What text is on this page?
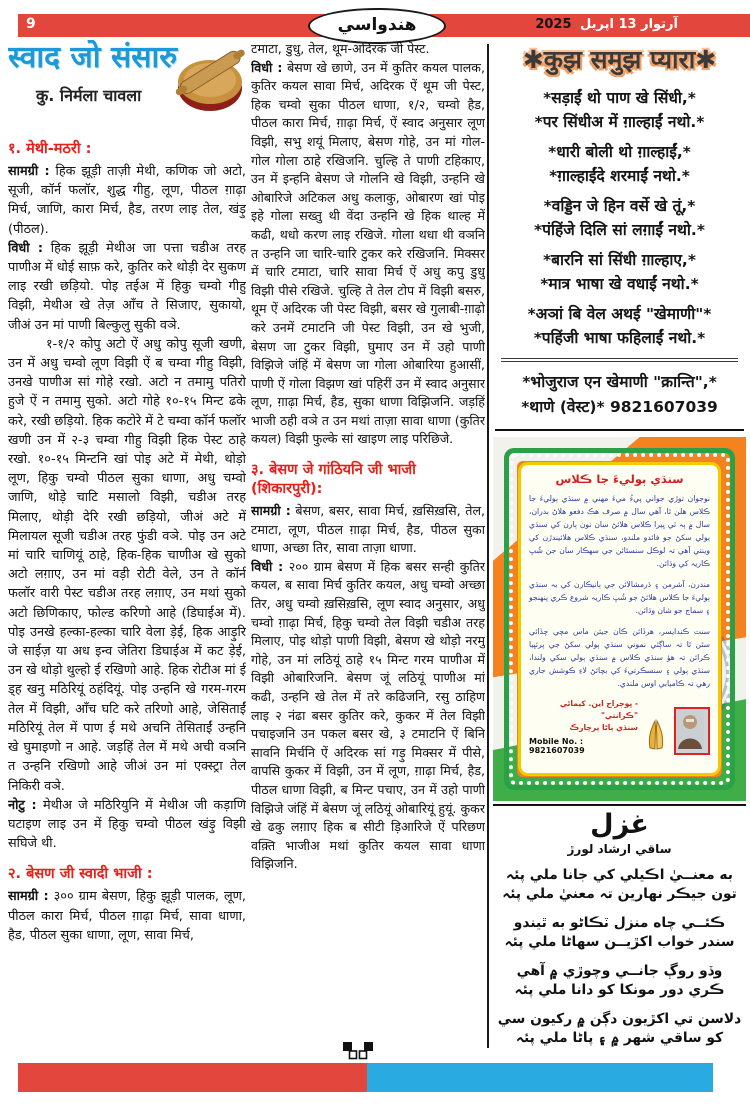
9	هندواسي	آرتوار 13 اپريل 2025
स्वाद जो संसारु
कु. निर्मला चावला
१. मेथी-मठरी :

सामग्री : हिक झूड़ी ताज़ी मेथी, कणिक जो अटो, सूजी, कॉर्न फलॉर, शुद्ध गीहु, लूण, पीठल ग़ाढ़ा मिर्च, जाणि, कारा मिर्च, हैड, तरण लाइ तेल, खंड़ु (पीठल).

विधी : हिक झूड़ी मेथीअ जा पत्ता चडीअ तरह पाणीअ में धोई साफ़ करे, कुतिर करे थोड़ी देर सुकण लाइ रखी छड़ियो. पोइ तईअ में हिकु चम्वो गीहु विझी, मेथीअ खे तेज़ आँच ते सिजाए, सुकायो, जीअं उन मां पाणी बिल्कुलु सुकी वञे.

१-१/२ कोपु अटो ऐं अधु कोपु सूजी खणी, उन में अधु चम्वो लूण विझी ऐं ब चम्वा गीहु विझी, उनखे पाणीअ सां गोहे रखो. अटो न तमामु पतिरो हुजे ऐं न तमामु सुको. अटो गोहे १०-१५ मिन्ट ढके करे, रखी छड़ियो. हिक कटोरे में टे चम्वा कॉर्न फलॉर खणी उन में २-३ चम्वा गीहु विझी हिक पेस्ट ठाहे रखो. १०-१५ मिन्टनि खां पोइ अटे में मेथी, थोड़ो लूण, हिकु चम्वो पीठल सुका धाणा, अधु चम्वो जाणि, थोड़े चाटि मसालो विझी, चडीअ तरह मिलाए, थोड़ी देरि रखी छड़ियो, जीअं अटे में मिलायल सूजी चडीअ तरह फुंडी वञे. पोइ उन अटे मां चारि चाणियूं ठाहे, हिक-हिक चाणीअ खे सुको अटो लग़ाए, उन मां वड़ी रोटी वेले, उन ते कॉर्न फलॉर वारी पेस्ट चडीअ तरह लग़ाए, उन मथां सुको अटो छिणिकाए, फोल्ड करिणो आहे (डिघाईअ में). पोइ उनखे हल्का-हल्का चारि वेला ड़ेई, हिक आड़ुरि जे साईज़ या अध इन्व जेतिरा डिघाईअ में कट ड़ेई, उन खे थोड़ो थुल्हो ई रखिणो आहे. हिक रोटीअ मां ई ड्ह खनु मठिरियूं ठहंदियूं. पोइ उन्हनि खे गरम-गरम तेल में विझी, आँच घटि करे तरिणो आहे, जेसिताईं मठिरियूं तेल में पाण ई मथे अचनि तेसिताईं उन्हनि खे घुमाइणो न आहे. जड़हिं तेल में मथे अची वञनि त उन्हनि रखिणो आहे जीअं उन मां एक्स्ट्रा तेल निकिरी वञे.

नोटु : मेथीअ जे मठिरियुनि में मेथीअ जी कड़ाणि घटाइण लाइ उन में हिकु चम्वो पीठल खंड़ु विझी सघिजे थी.

२. बेसण जी स्वादी भाजी :

सामग्री : ३०० ग्राम बेसण, हिकु झूड़ी पालक, लूण, पीठल कारा मिर्च, पीठल ग़ाढ़ा मिर्च, सावा धाणा, हैड, पीठल सुका धाणा, लूण, सावा मिर्च,

टमाटा, डुधु, तेल, थूम-अदिरक जी पेस्ट.

विधी : बेसण खे छाणे, उन में कुतिर कयल पालक, कुतिर कयल सावा मिर्च, अदिरक ऐं थूम जी पेस्ट, हिक चम्वो सुका पीठल धाणा, १/२, चम्वो हैड, पीठल कारा मिर्च, ग़ाढ़ा मिर्च, ऐं स्वाद अनुसार लूण विझी, सभु शयूं मिलाए, बेसण गोहे, उन मां गोल-गोल गोला ठाहे रखिजनि. चुल्हि ते पाणी टहिकाए, उन में इन्हनि बेसण जे गोलनि खे विझी, उन्हनि खे ओबारिजे अटिकल अधु कलाकु, ओबारण खां पोइ इहे गोला सख्तु थी वेंदा उन्हनि खे हिक थाल्ह में कढी, थधो करण लाइ रखिजे. गोला थधा थी वञनि त उन्हनि जा चारि-चारि टुकर करे रखिजनि. मिक्सर में चारि टमाटा, चारि सावा मिर्च ऐं अधु कपु डुधु विझी पीसे रखिजे. चुल्हि ते तेल टोप में विझी बसरु, थूम ऐं अदिरक जी पेस्ट विझी, बसर खे गुलाबी-ग़ाढ़ो करे उनमें टमाटनि जी पेस्ट विझी, उन खे भुजी, बेसण जा टुकर विझी, घुमाए उन में उहो पाणी विझिजे जंहिं में बेसण जा गोला ओबारिया हुआसीं, पाणी ऐं गोला विझण खां पहिरीं उन में स्वाद अनुसार लूण, ग़ाढ़ा मिर्च, हैड, सुका धाणा विझिजनि. जड़हिं भाजी ठही वञे त उन मथां ताज़ा सावा धाणा (कुतिर कयल) विझी फुल्के सां खाइण लाइ परिछिजे.

३. बेसण जे गांठियनि जी भाजी (शिकारपुरी):

सामग्री : बेसण, बसर, सावा मिर्च, ख़सिख़सि, तेल, टमाटा, लूण, पीठल ग़ाढ़ा मिर्च, हैड, पीठल सुका धाणा, अच्छा तिर, सावा ताज़ा धाणा.

विधी : २०० ग्राम बेसण में हिक बसर सन्ही कुतिर कयल, ब सावा मिर्च कुतिर कयल, अधु चम्वो अच्छा तिर, अधु चम्वो ख़सिख़सि, लूण स्वाद अनुसार, अधु चम्वो ग़ाढ़ा मिर्च, हिकु चम्वो तेल विझी चडीअ तरह मिलाए, पोइ थोड़ो पाणी विझी, बेसण खे थोड़ो नरमु गोहे, उन मां लठियूं ठाहे १५ मिन्ट गरम पाणीअ में विझी ओबारिजनि. बेसण जूं लठियूं पाणीअ मां कढी, उन्हनि खे तेल में तरे कढिजनि, रसु ठाहिण लाइ २ नंढा बसर कुतिर करे, कुकर में तेल विझी पचाइजनि उन पकल बसर खे, ३ टमाटनि ऐं बिनि सावनि मिर्चनि ऐं अदिरक सां गड़ु मिक्सर में पीसे, वापसि कुकर में विझी, उन में लूण, ग़ाढ़ा मिर्च, हैड, पीठल धाणा विझी, ब मिन्ट पचाए, उन में उहो पाणी विझिजे जंहिं में बेसण जूं लठियूं ओबारियूं हुयूं. कुकर खे ढकु लग़ाए हिक ब सीटी ड़िआरिजे ऐं परिछण वक़्ति भाजीअ मथां कुतिर कयल सावा धाणा विझिजनि.

✱कुझ समुझ प्यारा✱
*सड़ाईं थो पाण खे सिंधी,*
*पर सिंधीअ में ग़ाल्हाईं नथो.*
*धारी बोली थो ग़ाल्हाईं,*
*ग़ाल्हाईंदे शरमाईं नथो.*
*वड्डिन जे हिन वर्से खे तूं,*
*पंहिंजे दिलि सां लग़ाईं नथो.*
*बारनि सां सिंधी ग़ाल्हाए,*
*मात्र भाषा खे वधाईं नथो.*
*अञां बि वेल अथई "खेमाणी"*
*पहिंजी भाषा फहिलाईं नथो.*
*भोजुराज एन खेमाणी "क्रान्ति",*
*थाणे (वेस्ट)* 9821607039
سنڌي ٻوليءَ جا ڪلاس

نوجوان توڙي جواني پيءُ ميءَ مهني ۾ سنڌي ٻوليءَ جا ڪلاس هلن ٿا، آهي سال ۾ صرف هڪ دفعو هلاڻ بدران، سال ۾ ٻہ ٽي ڀيرا ڪلاس هلائڻ سان نون ٻارن کي سنڌي ٻولي سکڻ جو فائدو ملندو، سنڌي ڪلاس هلائيندڙن کي وينتي آهي تہ لوڪل سنسٿائن جي سهڪار سان جن شُڀ ڪاريہ کي وڌائن.

مندرن، آشرمن ۽ ڌرمشالائن جي ٻانيڪارن کي بہ سنڌي ٻوليءَ جا ڪلاس هلائڻ جو شُڀ ڪاريہ شروع ڪري پنهنجو ۽ سماج جو شان وڌائن.

سنت ڪندايسر، هرڏائن ڪان جيئن ماس مچي چڏائي سٿن ٿا تہ ساڳئي نموني سنڌي ٻولي سکڻ جي پرئڀيا ڪرائن تہ هؤ سنڌي ڪلاس ۾ سنڌي ٻولي سکي ولندا، سنڌي ٻولي ۽ سنسڪرتيءَ کي بچائڻ لاءِ ڪوشش جاري رهي تہ ڪاميابي اوس ملندي.

- ڀوڄراج اين. کيمائي "ڪرانتي"
سنڌي ٻاڻا پرچارڪ
Mobile No. : 9821607039
غزل
ساقي ارشاد لورڙ
به معنــيٰ اڪيلي کي جانا ملي پئہ
تون جيڪر نهارين تہ معنيٰ ملي پئہ
ڪئــي چاه منزل ٽڪاڻو به ٿيندو
سندر خواب اکڙيــن سهاڻا ملي پئہ
وڏو روڳ جانــي وچوڙي ۾ آهي
ڪري دور مونکا کو دانا ملي پئہ
دلاسن تي اکڙيون دڳن ۾ رکيون سي
کو ساقي شهر ۾ ۽ پاڻا ملي پئہ
